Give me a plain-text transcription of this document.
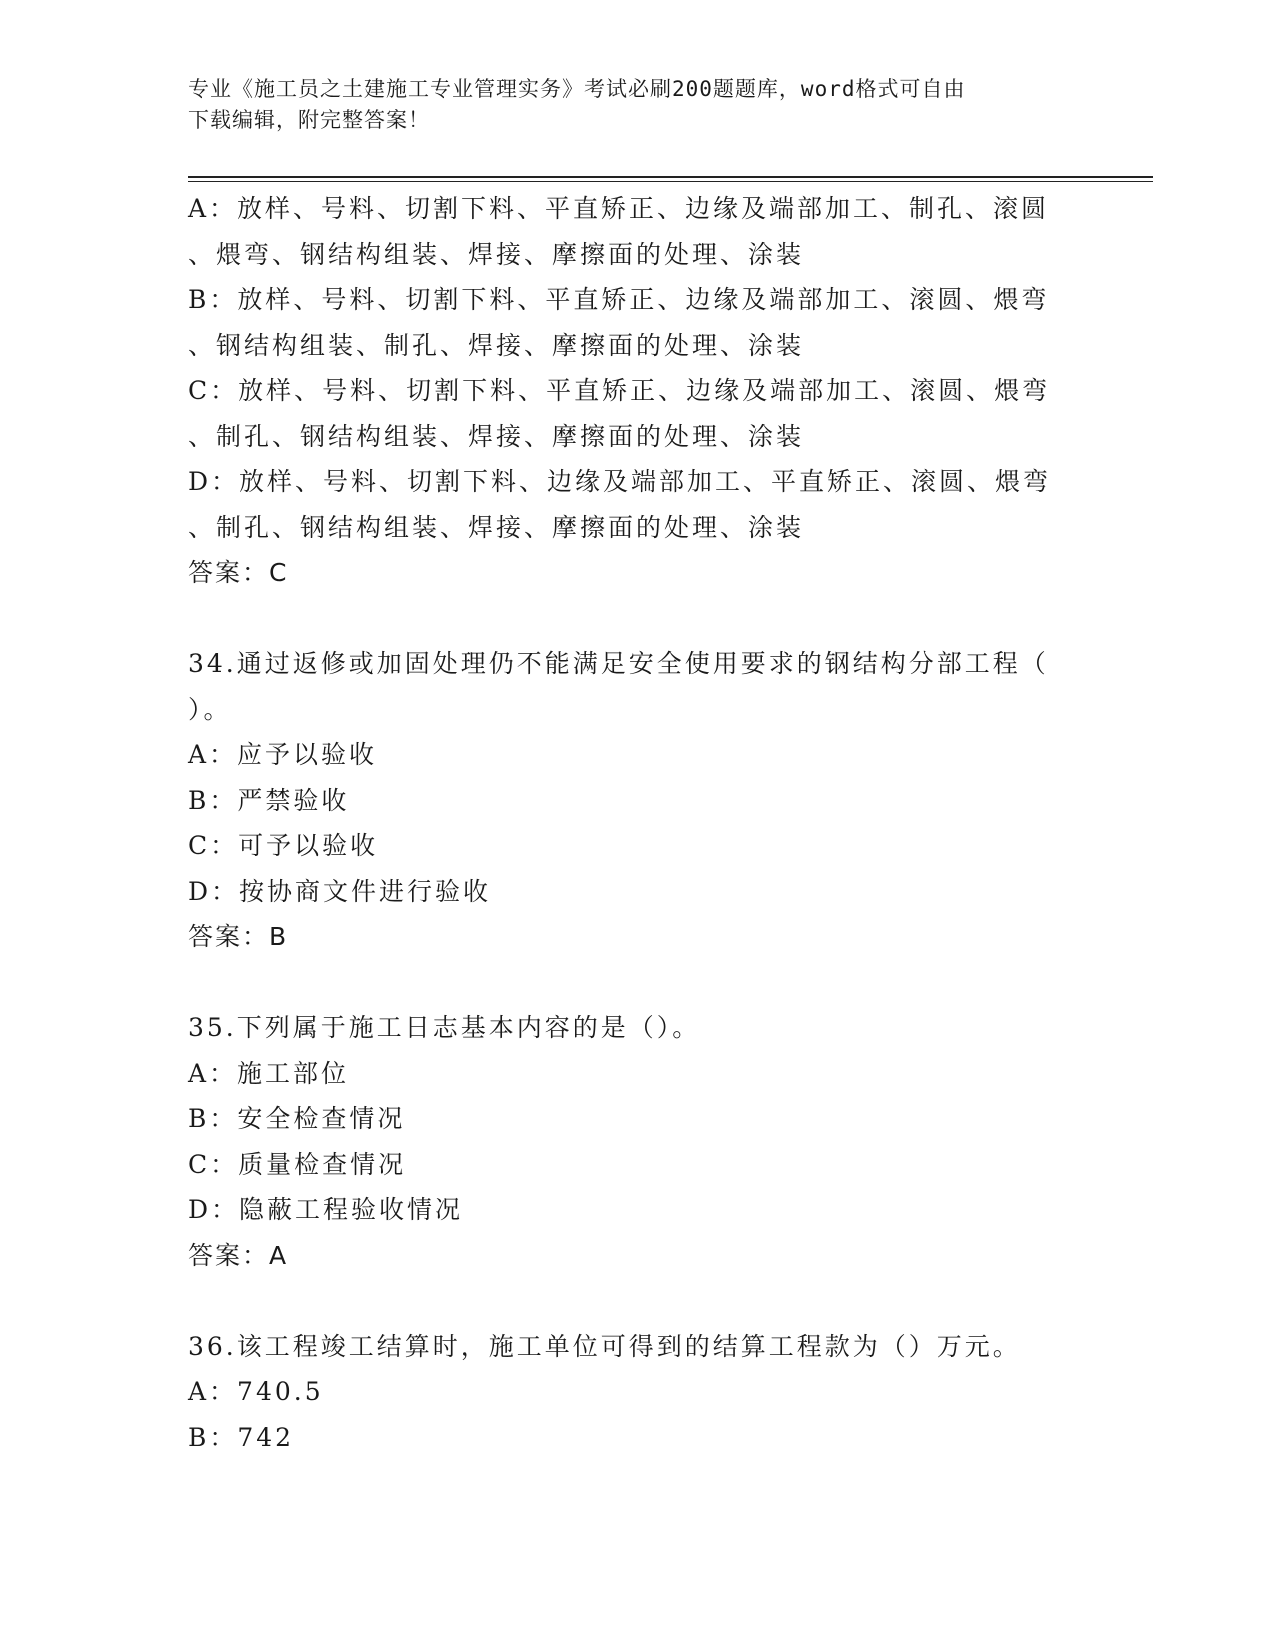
专业《施工员之土建施工专业管理实务》考试必刷200题题库，word格式可自由
下载编辑，附完整答案！
A：放样、号料、切割下料、平直矫正、边缘及端部加工、制孔、滚圆
、煨弯、钢结构组装、焊接、摩擦面的处理、涂装
B：放样、号料、切割下料、平直矫正、边缘及端部加工、滚圆、煨弯
、钢结构组装、制孔、焊接、摩擦面的处理、涂装
C：放样、号料、切割下料、平直矫正、边缘及端部加工、滚圆、煨弯
、制孔、钢结构组装、焊接、摩擦面的处理、涂装
D：放样、号料、切割下料、边缘及端部加工、平直矫正、滚圆、煨弯
、制孔、钢结构组装、焊接、摩擦面的处理、涂装
答案：C
34.通过返修或加固处理仍不能满足安全使用要求的钢结构分部工程（
）。
A：应予以验收
B：严禁验收
C：可予以验收
D：按协商文件进行验收
答案：B
35.下列属于施工日志基本内容的是（）。
A：施工部位
B：安全检查情况
C：质量检查情况
D：隐蔽工程验收情况
答案：A
36.该工程竣工结算时，施工单位可得到的结算工程款为（）万元。
A：740.5
B：742
